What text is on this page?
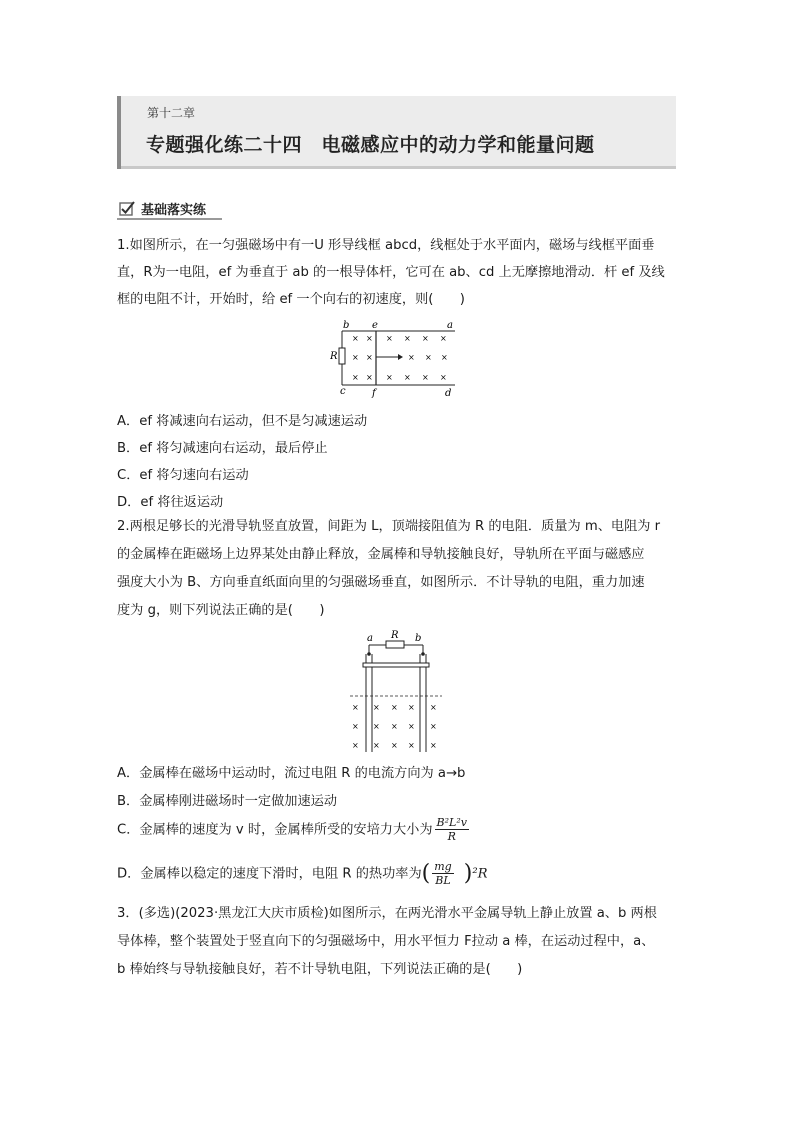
第十二章
专题强化练二十四　电磁感应中的动力学和能量问题
基础落实练
1.如图所示，在一匀强磁场中有一U 形导线框 abcd，线框处于水平面内，磁场与线框平面垂
直，R为一电阻，ef 为垂直于 ab 的一根导体杆，它可在 ab、cd 上无摩擦地滑动．杆 ef 及线
框的电阻不计，开始时，给 ef 一个向右的初速度，则(　　)
b e	a
R
c	f	d
× × × × × ×
× ×	× × ×
× × × × × ×
A．ef 将减速向右运动，但不是匀减速运动
B．ef 将匀减速向右运动，最后停止
C．ef 将匀速向右运动
D．ef 将往返运动
2.两根足够长的光滑导轨竖直放置，间距为 L，顶端接阻值为 R 的电阻．质量为 m、电阻为 r
的金属棒在距磁场上边界某处由静止释放，金属棒和导轨接触良好，导轨所在平面与磁感应
强度大小为 B、方向垂直纸面向里的匀强磁场垂直，如图所示．不计导轨的电阻，重力加速
度为 g，则下列说法正确的是(　　)
a R b
× × × × ×
× × × × ×
× × × × ×
A．金属棒在磁场中运动时，流过电阻 R 的电流方向为 a→b
B．金属棒刚进磁场时一定做加速运动
C．金属棒的速度为 v 时，金属棒所受的安培力大小为 $\frac{\text{B²L²v}}{R}$
D．金属棒以稳定的速度下滑时，电阻 R 的热功率为( $\frac{mg}{BL} )^2R$
3．(多选)(2023·黑龙江大庆市质检)如图所示，在两光滑水平金属导轨上静止放置 a、b 两根
导体棒，整个装置处于竖直向下的匀强磁场中，用水平恒力 F拉动 a 棒，在运动过程中，a、
b 棒始终与导轨接触良好，若不计导轨电阻，下列说法正确的是(　　)
